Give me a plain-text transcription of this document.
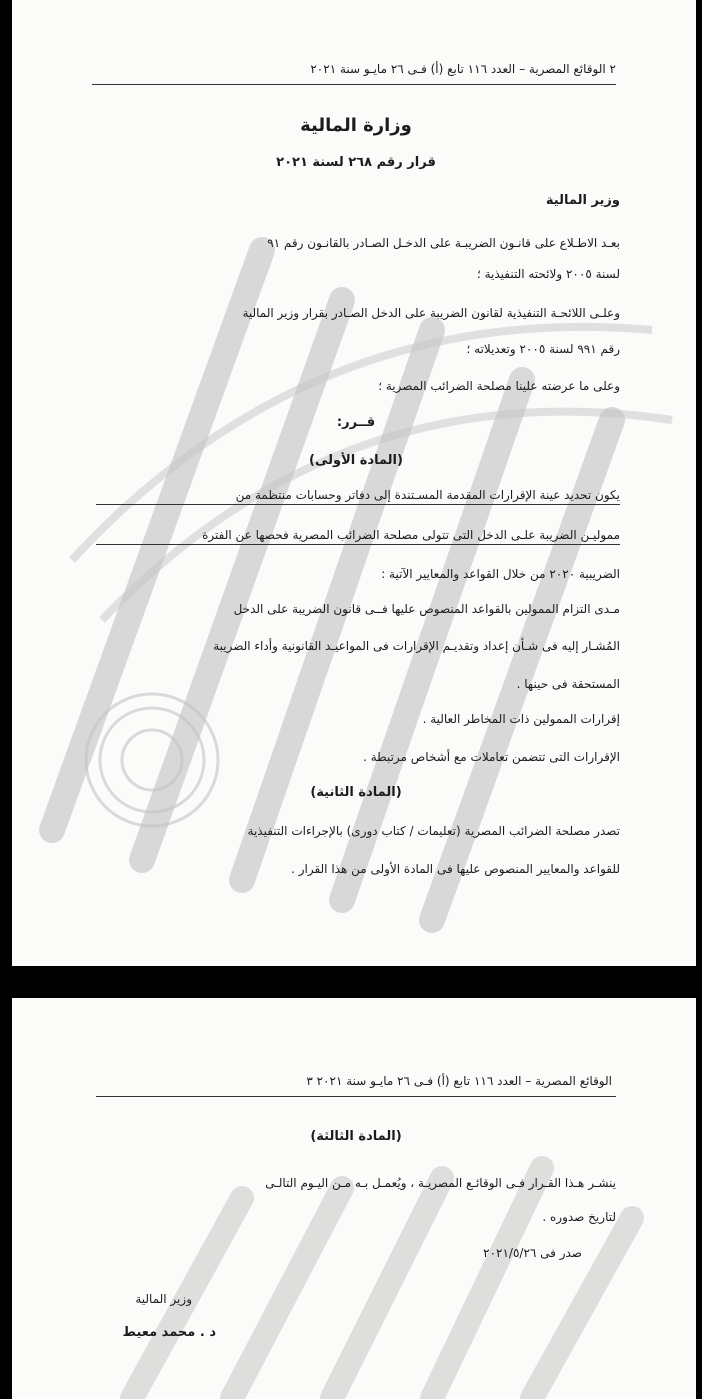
٢ الوقائع المصرية – العدد ١١٦ تابع (أ) فـى ٢٦ مايـو سنة ٢٠٢١
وزارة المالية
قرار رقم ٢٦٨ لسنة ٢٠٢١
وزير المالية
بعـد الاطـلاع على قانـون الضريبـة على الدخـل الصـادر بالقانـون رقم ٩١
لسنة ٢٠٠٥ ولائحته التنفيذية ؛
وعلـى اللائحـة التنفيذية لقانون الضريبة على الدخل الصـادر بقرار وزير المالية
رقم ٩٩١ لسنة ٢٠٠٥ وتعديلاته ؛
وعلى ما عرضته علينا مصلحة الضرائب المصرية ؛
قــرر:
(المادة الأولى)
يكون تحديد عينة الإقرارات المقدمة المسـتندة إلى دفاتر وحسابات منتظمة من
مموليـن الضريبة علـى الدخل التى تتولى مصلحة الضرائب المصرية فحصها عن الفترة
الضريبية ٢٠٢٠ من خلال القواعد والمعايير الآتية :
مـدى التزام الممولين بالقواعد المنصوص عليها فــى قانون الضريبة على الدخل
المُشـار إليه فى شـأن إعداد وتقديـم الإقرارات فى المواعيـد القانونية وأداء الضريبة
المستحقة فى حينها .
إقرارات الممولين ذات المخاطر العالية .
الإقرارات التى تتضمن تعاملات مع أشخاص مرتبطة .
(المادة الثانية)
تصدر مصلحة الضرائب المصرية (تعليمات / كتاب دورى) بالإجراءات التنفيذية
للقواعد والمعايير المنصوص عليها فى المادة الأولى من هذا القرار .
الوقائع المصرية – العدد ١١٦ تابع (أ) فـى ٢٦ مايـو سنة ٢٠٢١ ٣
(المادة الثالثة)
ينشـر هـذا القـرار فـى الوقائـع المصريـة ، ويُعمـل بـه مـن اليـوم التالـى
لتاريخ صدوره .
صدر فى ٢٠٢١/٥/٢٦
وزير المالية
د . محمد معيط
